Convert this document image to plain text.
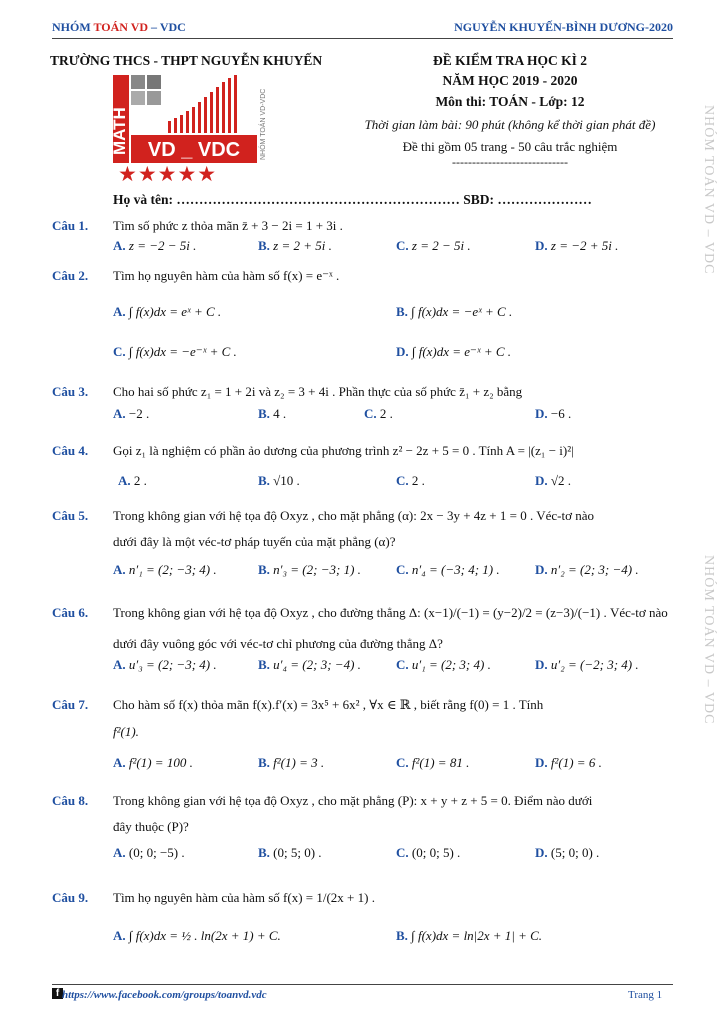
NHÓM TOÁN VD – VDC	NGUYỄN KHUYẾN-BÌNH DƯƠNG-2020
TRƯỜNG THCS - THPT NGUYỄN KHUYẾN	ĐỀ KIỂM TRA HỌC KÌ 2
NĂM HỌC 2019 - 2020
Môn thi: TOÁN - Lớp: 12
Thời gian làm bài: 90 phút (không kể thời gian phát đề)
Đề thi gồm 05 trang - 50 câu trắc nghiệm
-----------------------------
MATH VD _ VDC	NHÓM TOÁN VD-VDC
★★★★★
Họ và tên: ……………………………………………………… SBD: …………………	NHÓM TOÁN VD – VDC
NHÓM TOÁN VD – VDC
Câu 1. Tìm số phức z thỏa mãn z̄ + 3 − 2i = 1 + 3i .
A. z = −2 − 5i .	B. z = 2 + 5i .	C. z = 2 − 5i .	D. z = −2 + 5i .
Câu 2. Tìm họ nguyên hàm của hàm số f(x) = e⁻ˣ .
A. ∫ f(x)dx = eˣ + C .	B. ∫ f(x)dx = −eˣ + C .
C. ∫ f(x)dx = −e⁻ˣ + C .	D. ∫ f(x)dx = e⁻ˣ + C .
Câu 3. Cho hai số phức z₁ = 1 + 2i và z₂ = 3 + 4i . Phần thực của số phức z̄₁ + z₂ bằng
A. −2 .	B. 4 .	C. 2 .	D. −6 .
Câu 4. Gọi z₁ là nghiệm có phần ảo dương của phương trình z² − 2z + 5 = 0 . Tính A = |(z₁ − i)²|
A. 2 .	B. √10 .	C. 2 .	D. √2 .
Câu 5. Trong không gian với hệ tọa độ Oxyz , cho mặt phẳng (α): 2x − 3y + 4z + 1 = 0 . Véc-tơ nào
dưới đây là một véc-tơ pháp tuyến của mặt phẳng (α)?
A. n′₁ = (2; −3; 4) .	B. n′₃ = (2; −3; 1) .	C. n′₄ = (−3; 4; 1) .	D. n′₂ = (2; 3; −4) .
Câu 6. Trong không gian với hệ tọa độ Oxyz , cho đường thẳng Δ: (x−1)/(−1) = (y−2)/2 = (z−3)/(−1) . Véc-tơ nào
dưới đây vuông góc với véc-tơ chỉ phương của đường thẳng Δ?
A. u′₃ = (2; −3; 4) .	B. u′₄ = (2; 3; −4) .	C. u′₁ = (2; 3; 4) .	D. u′₂ = (−2; 3; 4) .
Câu 7. Cho hàm số f(x) thỏa mãn f(x).f′(x) = 3x⁵ + 6x² , ∀x ∈ ℝ , biết rằng f(0) = 1 . Tính
f²(1).
A. f²(1) = 100 .	B. f²(1) = 3 .	C. f²(1) = 81 .	D. f²(1) = 6 .
Câu 8. Trong không gian với hệ tọa độ Oxyz , cho mặt phẳng (P): x + y + z + 5 = 0. Điểm nào dưới
đây thuộc (P)?
A. (0; 0; −5) .	B. (0; 5; 0) .	C. (0; 0; 5) .	D. (5; 0; 0) .
Câu 9. Tìm họ nguyên hàm của hàm số f(x) = 1/(2x + 1) .
A. ∫ f(x)dx = ½ . ln(2x + 1) + C.	B. ∫ f(x)dx = ln|2x + 1| + C.
f https://www.facebook.com/groups/toanvd.vdc	Trang 1
